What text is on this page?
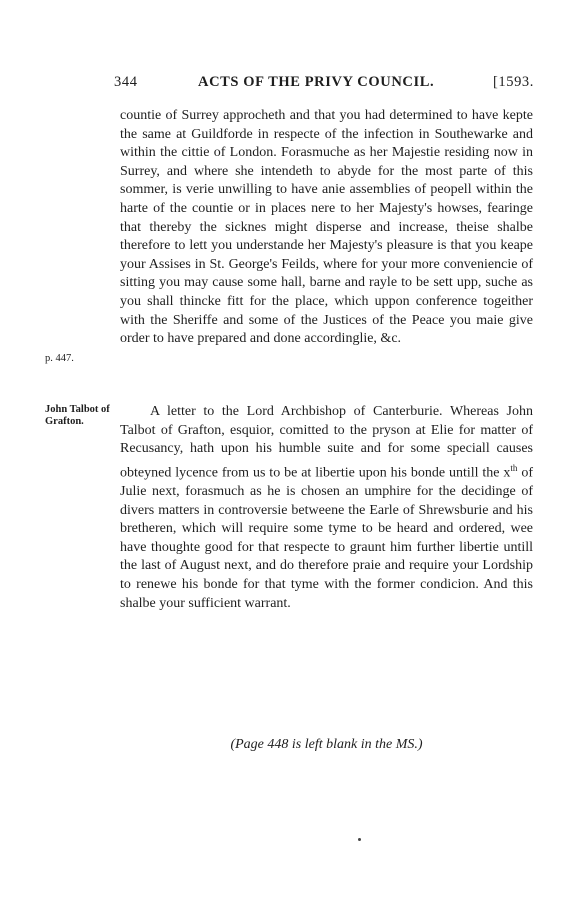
344	ACTS OF THE PRIVY COUNCIL.	[1593.
countie of Surrey approcheth and that you had determined to have kepte the same at Guildforde in respecte of the infection in Southewarke and within the cittie of London. Forasmuche as her Majestie residing now in Surrey, and where she intendeth to abyde for the most parte of this sommer, is verie unwilling to have anie assemblies of peopell within the harte of the countie or in places nere to her Majesty's howses, fearinge that thereby the sicknes might disperse and increase, theise shalbe therefore to lett you understande her Majesty's pleasure is that you keape your Assises in St. George's Feilds, where for your more conveniencie of sitting you may cause some hall, barne and rayle to be sett upp, suche as you shall thincke fitt for the place, which uppon conference togeither with the Sheriffe and some of the Justices of the Peace you maie give order to have prepared and done accordinglie, &c.
p. 447.
John Talbot of Grafton.
A letter to the Lord Archbishop of Canterburie. Whereas John Talbot of Grafton, esquior, comitted to the pryson at Elie for matter of Recusancy, hath upon his humble suite and for some speciall causes obteyned lycence from us to be at libertie upon his bonde untill the $x^{th}$ of Julie next, forasmuch as he is chosen an umphire for the decidinge of divers matters in controversie betweene the Earle of Shrewsburie and his bretheren, which will require some tyme to be heard and ordered, wee have thoughte good for that respecte to graunt him further libertie untill the last of August next, and do therefore praie and require your Lordship to renewe his bonde for that tyme with the former condicion. And this shalbe your sufficient warrant.
(Page 448 is left blank in the MS.)
